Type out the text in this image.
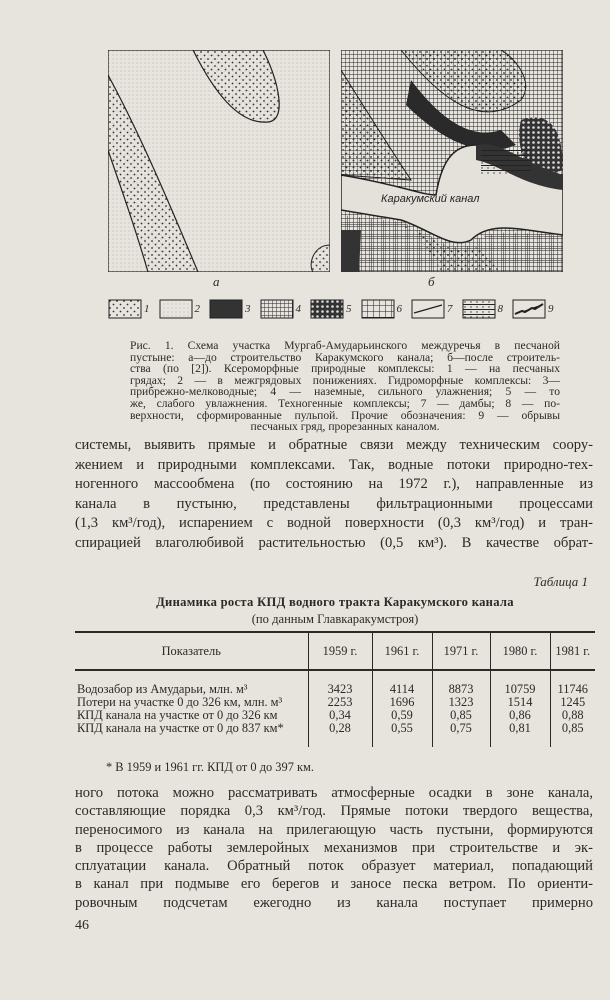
Каракумский канал
а	б
1	2	3	4	5	6	7	8	9
Рис. 1. Схема участка Мургаб-Амударьинского междуречья в песчаной
пустыне: а—до строительство Каракумского канала; б—после строитель-
ства (по [2]). Ксероморфные природные комплексы: 1 — на песчаных
грядах; 2 — в межгрядовых понижениях. Гидроморфные комплексы: 3—
прибрежно-мелководные; 4 — наземные, сильного улажнения; 5 — то
же, слабого увлажнения. Техногенные комплексы; 7 — дамбы; 8 — по-
верхности, сформированные пульпой. Прочие обозначения: 9 — обрывы
песчаных гряд, прорезанных каналом.
системы, выявить прямые и обратные связи между техническим соору-
жением и природными комплексами. Так, водные потоки природно-тех-
ногенного массообмена (по состоянию на 1972 г.), направленные из
канала в пустыню, представлены фильтрационными процессами
(1,3 км³/год), испарением с водной поверхности (0,3 км³/год) и тран-
спирацией влаголюбивой растительностью (0,5 км³). В качестве обрат-
Таблица 1
Динамика роста КПД водного тракта Каракумского канала
(по данным Главкаракумстроя)
Показатель	1959 г.	1961 г.	1971 г.	1980 г.	1981 г.

Водозабор из Амударьи, млн. м³	3423	4114	8873	10759	11746
Потери на участке 0 до 326 км, млн. м³	2253	1696	1323	1514	1245
КПД канала на участке от 0 до 326 км	0,34	0,59	0,85	0,86	0,88
КПД канала на участке от 0 до 837 км*	0,28	0,55	0,75	0,81	0,85

* В 1959 и 1961 гг. КПД от 0 до 397 км.
ного потока можно рассматривать атмосферные осадки в зоне канала,
составляющие порядка 0,3 км³/год. Прямые потоки твердого вещества,
переносимого из канала на прилегающую часть пустыни, формируются
в процессе работы землеройных механизмов при строительстве и эк-
сплуатации канала. Обратный поток образует материал, попадающий
в канал при подмыве его берегов и заносе песка ветром. По ориенти-
ровочным подсчетам ежегодно из канала поступает примерно
46
